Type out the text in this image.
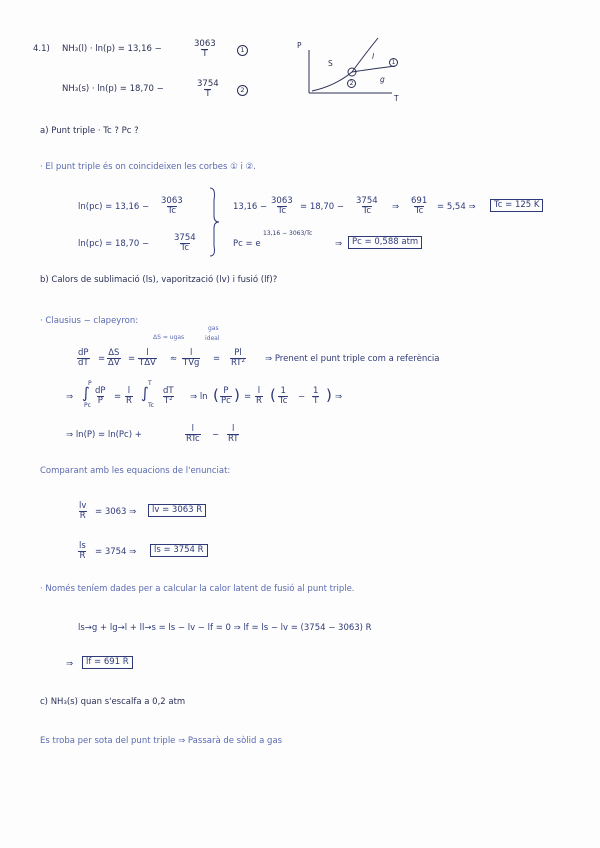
4.1) NH₃(l) · ln(p) = 13,16 −	$\frac{3063}{T}$	1
NH₃(s) · ln(p) = 18,70 −	$\frac{3754}{T}$	2
P
T
S
l
g
1
2
a) Punt triple · Tc ? Pc ?
· El punt triple és on coincideixen les corbes ① i ②.
$\ln(pc) = 13,16 - \frac{3063}{Tc}$
ln(pc) = 18,70 −	$\frac{3754}{Tc}$
$13,16 - \frac{3063}{Tc} = 18,70 - \frac{3754}{Tc}$ ⇒ $\frac{691}{Tc} = 5,54$ ⇒	Tc = 125 K
Pc = e
13,16 − 3063/Tc
⇒	Pc = 0,588 atm
b) Calors de sublimació (ls), vaporització (lv) i fusió (lf)?
· Clausius − clapeyron:
ΔS = ugas
gas
ideal
$\frac{dP}{dT} = \frac{\Delta S}{\Delta V}$ =
l
TΔV ≈
l
TVg = $\frac{Pl}{\text{RT²}}$ ⇒ Prenent el punt triple com a referència
⇒ ∫
P
Pc $\frac{dP}{P} = \frac{l}{R}$ ∫
T
Tc $\frac{dT}{\text{T²}}$ ⇒ ln ( $\frac{P}{Pc}$ ) = $\frac{l}{R}$ ( $\frac{1}{Tc} - \frac{1}{T}$ ) ⇒
⇒ ln(P) = ln(Pc) +
l
RTc − $\frac{l}{RT}$
Comparant amb les equacions de l'enunciat:
$\frac{lv}{R} = 3063$ ⇒	lv = 3063 R
$\frac{ls}{R} = 3754$ ⇒	ls = 3754 R
· Només teníem dades per a calcular la calor latent de fusió al punt triple.
ls→g + lg→l + ll→s = ls − lv − lf = 0 ⇒ lf = ls − lv = (3754 − 3063) R
⇒	lf = 691 R
c) NH₃(s) quan s'escalfa a 0,2 atm
Es troba per sota del punt triple ⇒ Passarà de sòlid a gas
